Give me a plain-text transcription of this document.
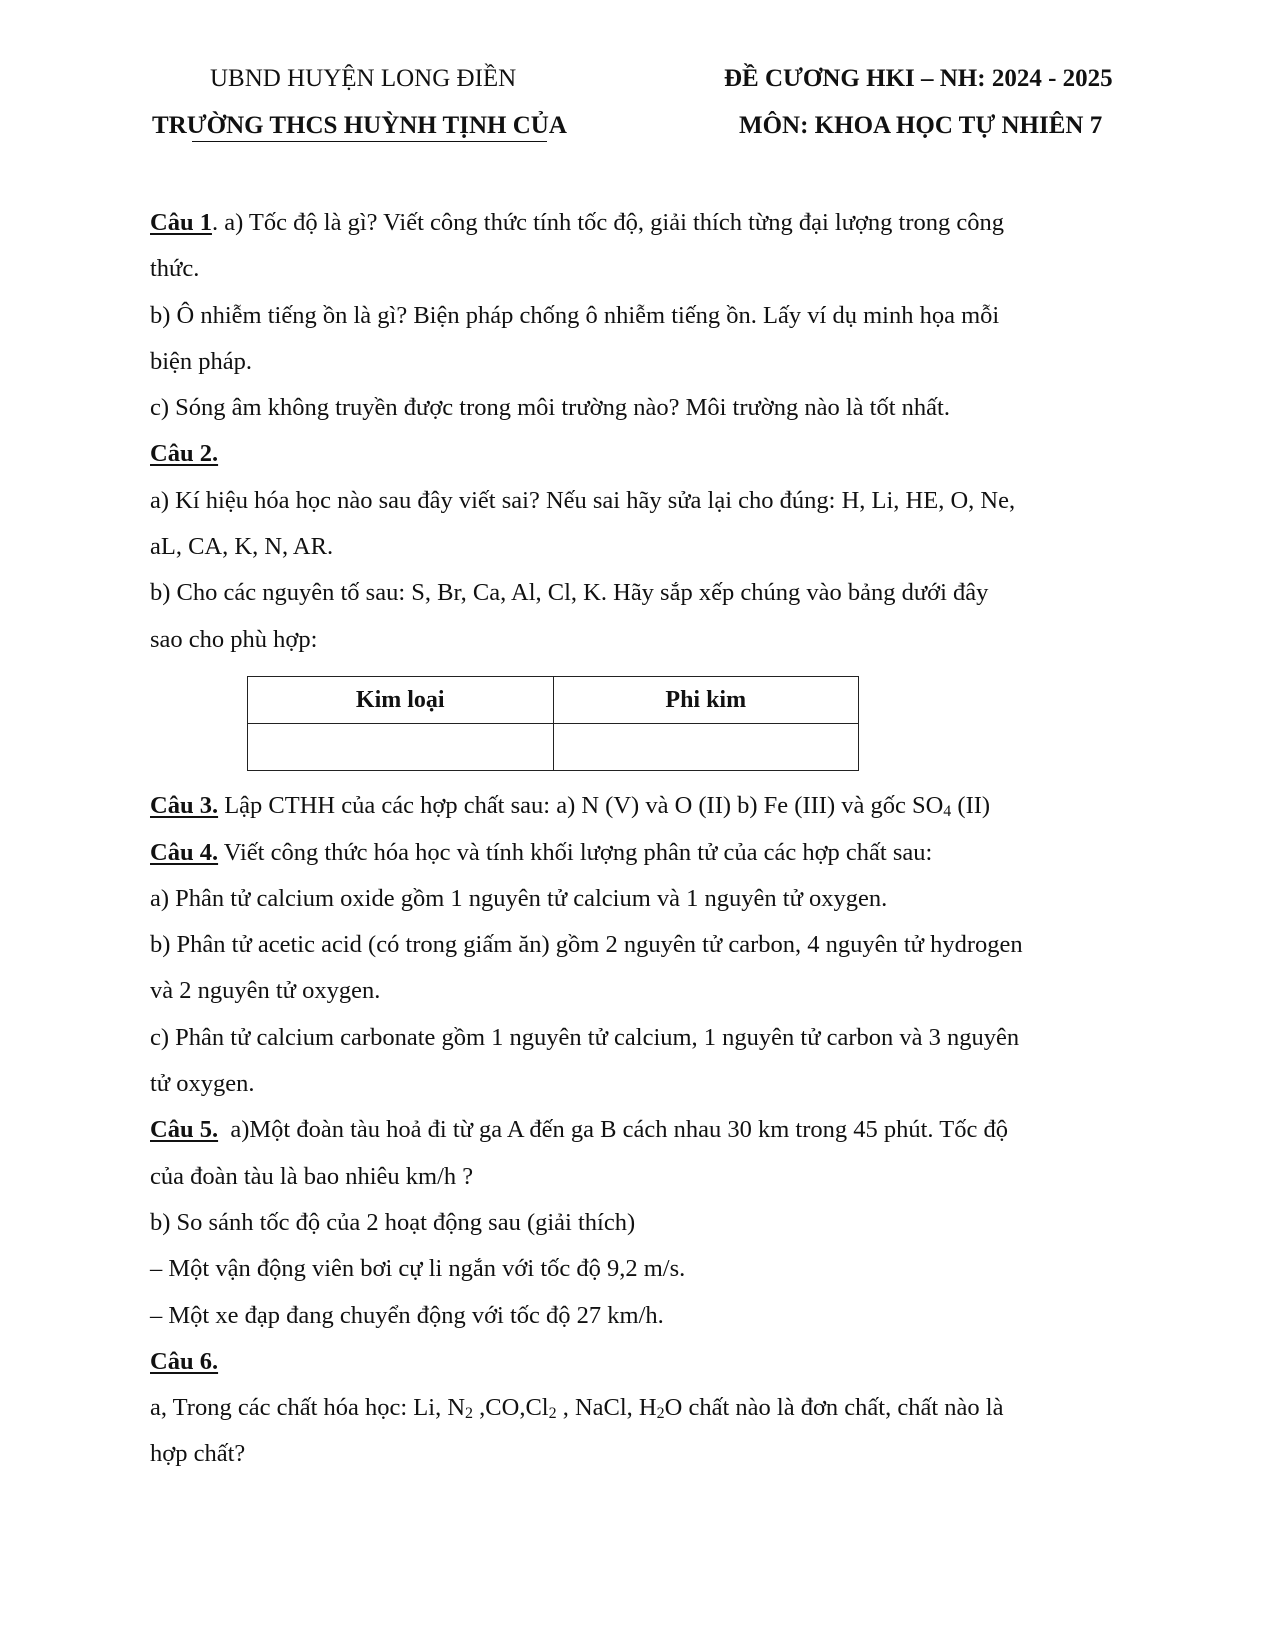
UBND HUYỆN LONG ĐIỀN
TRƯỜNG THCS HUỲNH TỊNH CỦA
ĐỀ CƯƠNG HKI – NH: 2024 - 2025
MÔN: KHOA HỌC TỰ NHIÊN 7

Câu 1. a) Tốc độ là gì? Viết công thức tính tốc độ, giải thích từng đại lượng trong công

thức.

b) Ô nhiễm tiếng ồn là gì? Biện pháp chống ô nhiễm tiếng ồn. Lấy ví dụ minh họa mỗi

biện pháp.

c) Sóng âm không truyền được trong môi trường nào? Môi trường nào là tốt nhất.

Câu 2.

a) Kí hiệu hóa học nào sau đây viết sai? Nếu sai hãy sửa lại cho đúng: H, Li, HE, O, Ne,

aL, CA, K, N, AR.

b) Cho các nguyên tố sau: S, Br, Ca, Al, Cl, K. Hãy sắp xếp chúng vào bảng dưới đây

sao cho phù hợp:

Kim loại	Phi kim

Câu 3. Lập CTHH của các hợp chất sau: a) N (V) và O (II) b) Fe (III) và gốc $SO_4$ (II)

Câu 4. Viết công thức hóa học và tính khối lượng phân tử của các hợp chất sau:

a) Phân tử calcium oxide gồm 1 nguyên tử calcium và 1 nguyên tử oxygen.

b) Phân tử acetic acid (có trong giấm ăn) gồm 2 nguyên tử carbon, 4 nguyên tử hydrogen

và 2 nguyên tử oxygen.

c) Phân tử calcium carbonate gồm 1 nguyên tử calcium, 1 nguyên tử carbon và 3 nguyên

tử oxygen.

Câu 5.  a)Một đoàn tàu hoả đi từ ga A đến ga B cách nhau 30 km trong 45 phút. Tốc độ

của đoàn tàu là bao nhiêu km/h ?

b) So sánh tốc độ của 2 hoạt động sau (giải thích)

– Một vận động viên bơi cự li ngắn với tốc độ 9,2 m/s.

– Một xe đạp đang chuyển động với tốc độ 27 km/h.

Câu 6.

a, Trong các chất hóa học: Li, $N_2$ $,CO,Cl_2$ , NaCl, $H_2O$ chất nào là đơn chất, chất nào là

hợp chất?
